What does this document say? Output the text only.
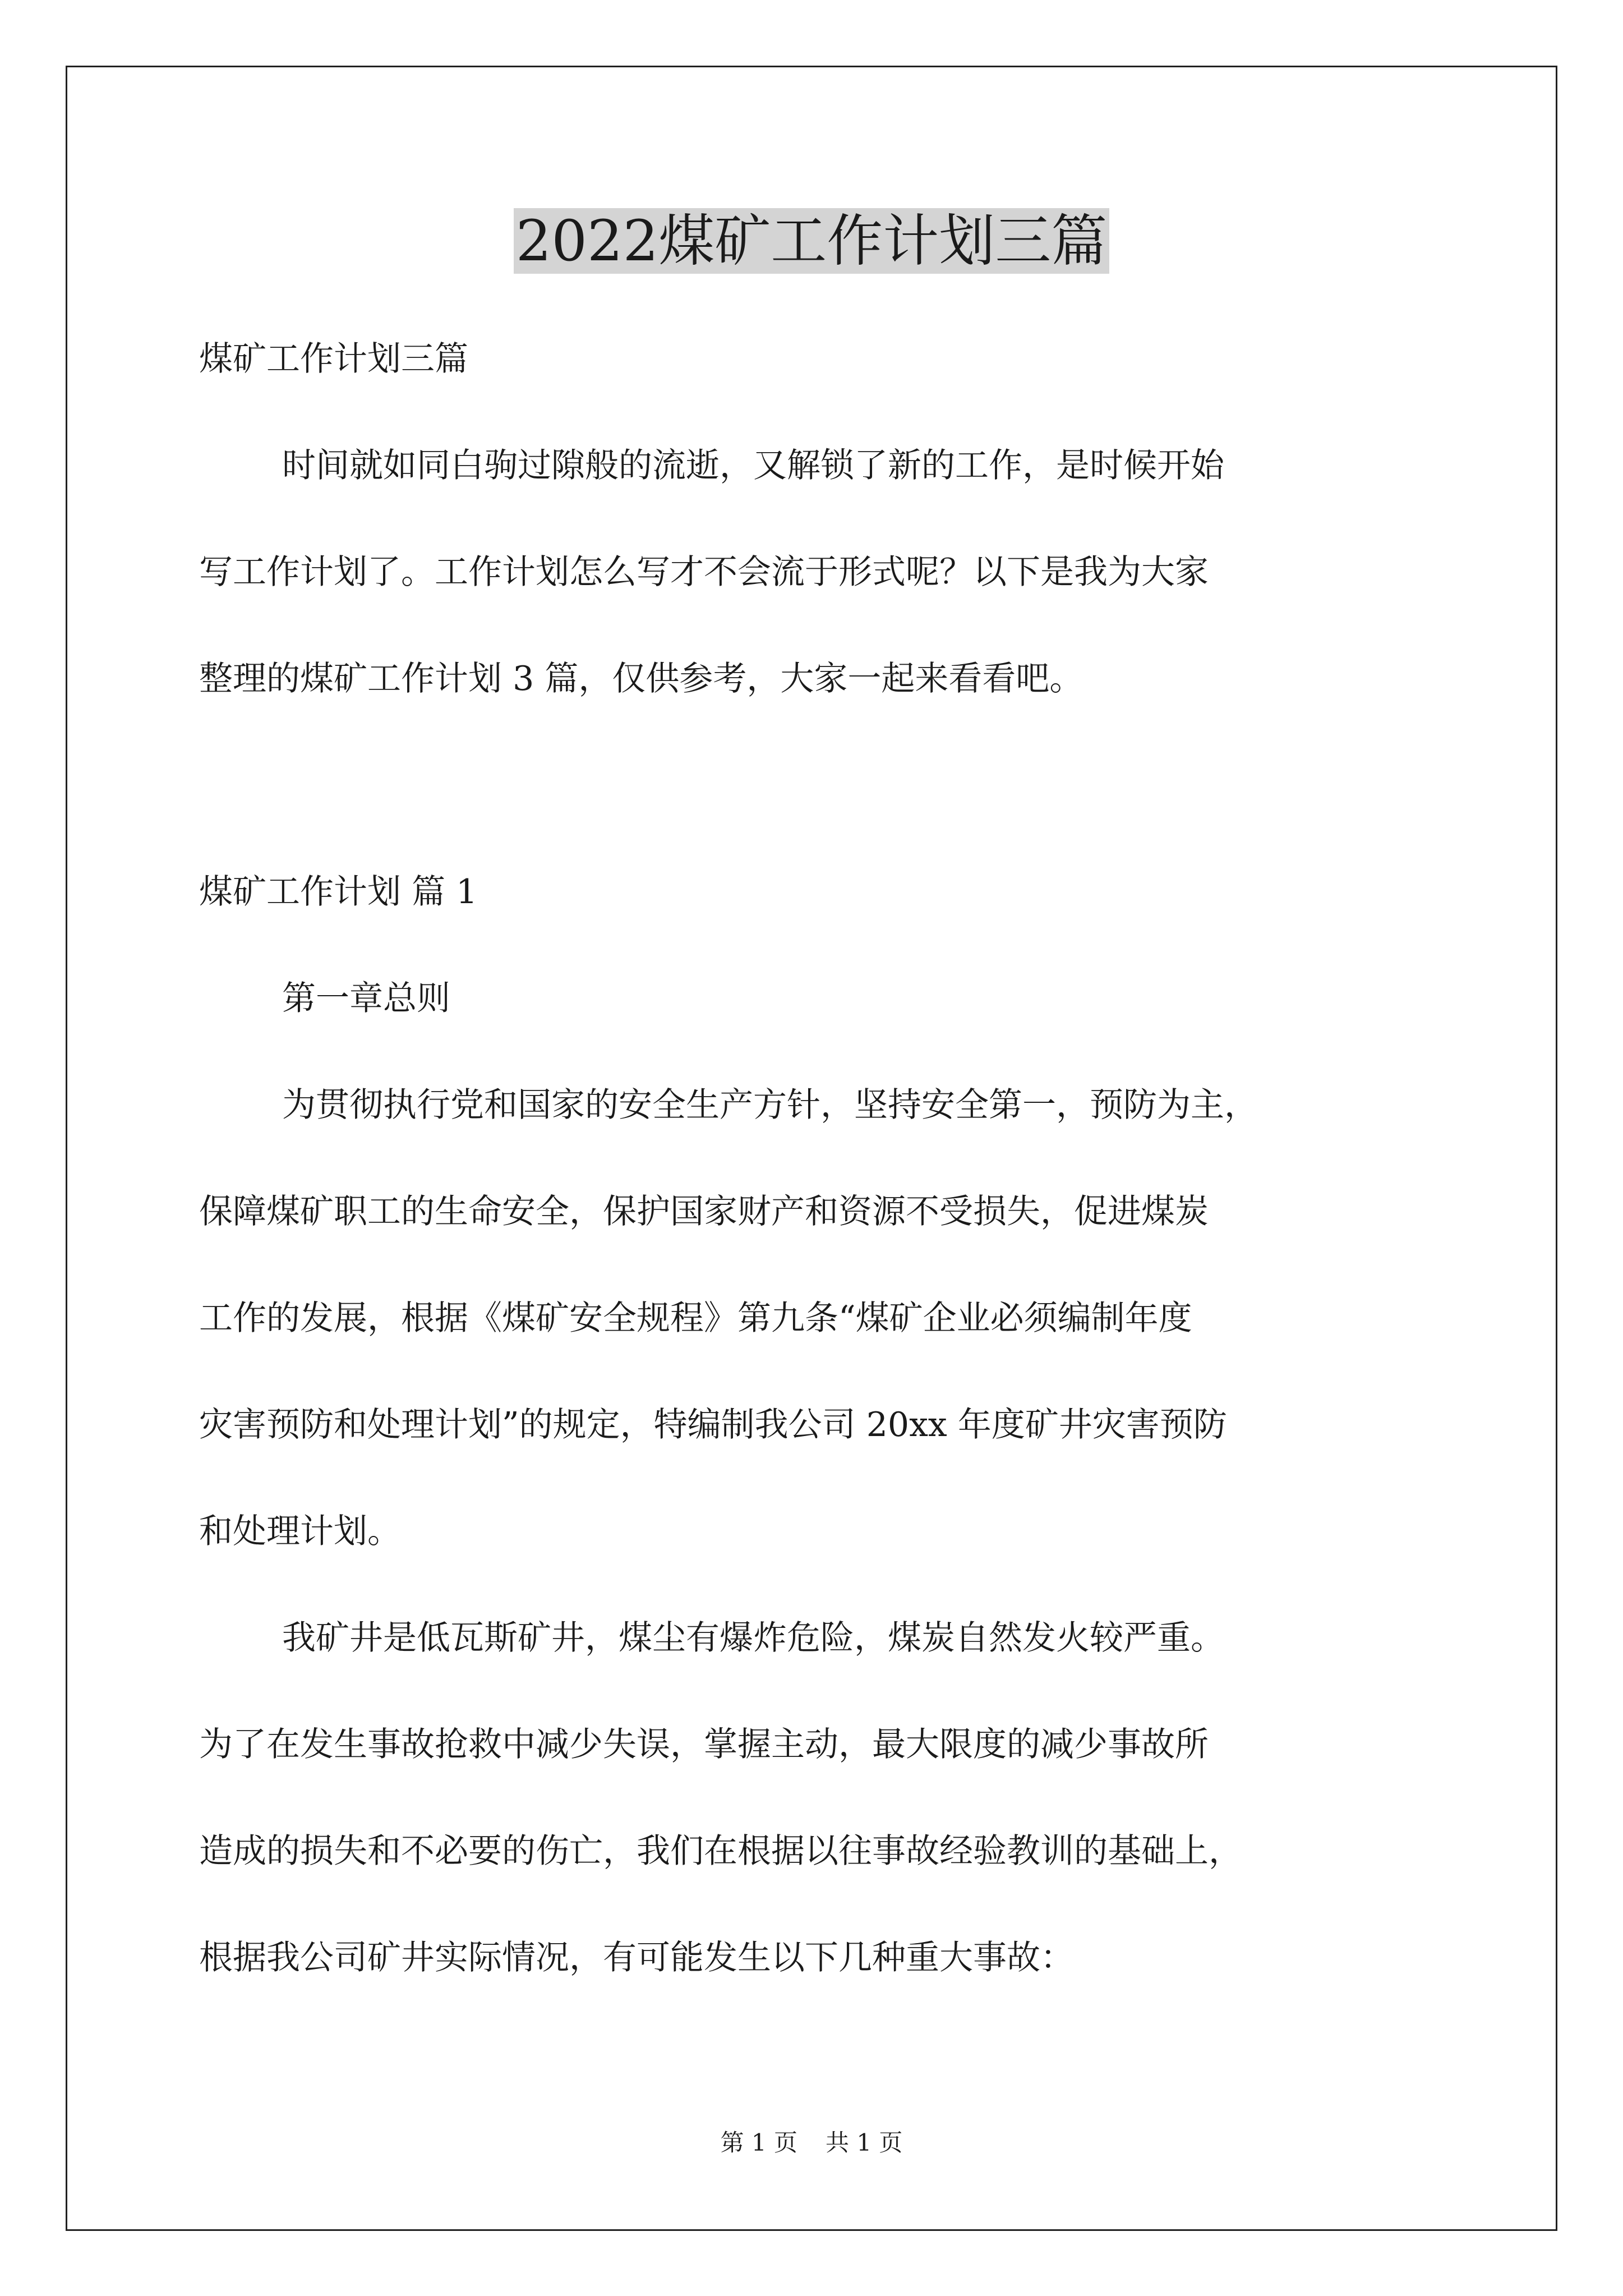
2022煤矿工作计划三篇

煤矿工作计划三篇

时间就如同白驹过隙般的流逝，又解锁了新的工作，是时候开始

写工作计划了。工作计划怎么写才不会流于形式呢？以下是我为大家

整理的煤矿工作计划 3 篇，仅供参考，大家一起来看看吧。

煤矿工作计划 篇 1

第一章总则

为贯彻执行党和国家的安全生产方针，坚持安全第一，预防为主，

保障煤矿职工的生命安全，保护国家财产和资源不受损失，促进煤炭

工作的发展，根据《煤矿安全规程》第九条“煤矿企业必须编制年度

灾害预防和处理计划”的规定，特编制我公司 20xx 年度矿井灾害预防

和处理计划。

我矿井是低瓦斯矿井，煤尘有爆炸危险，煤炭自然发火较严重。

为了在发生事故抢救中减少失误，掌握主动，最大限度的减少事故所

造成的损失和不必要的伤亡，我们在根据以往事故经验教训的基础上，

根据我公司矿井实际情况，有可能发生以下几种重大事故：

第 1 页 共 1 页
